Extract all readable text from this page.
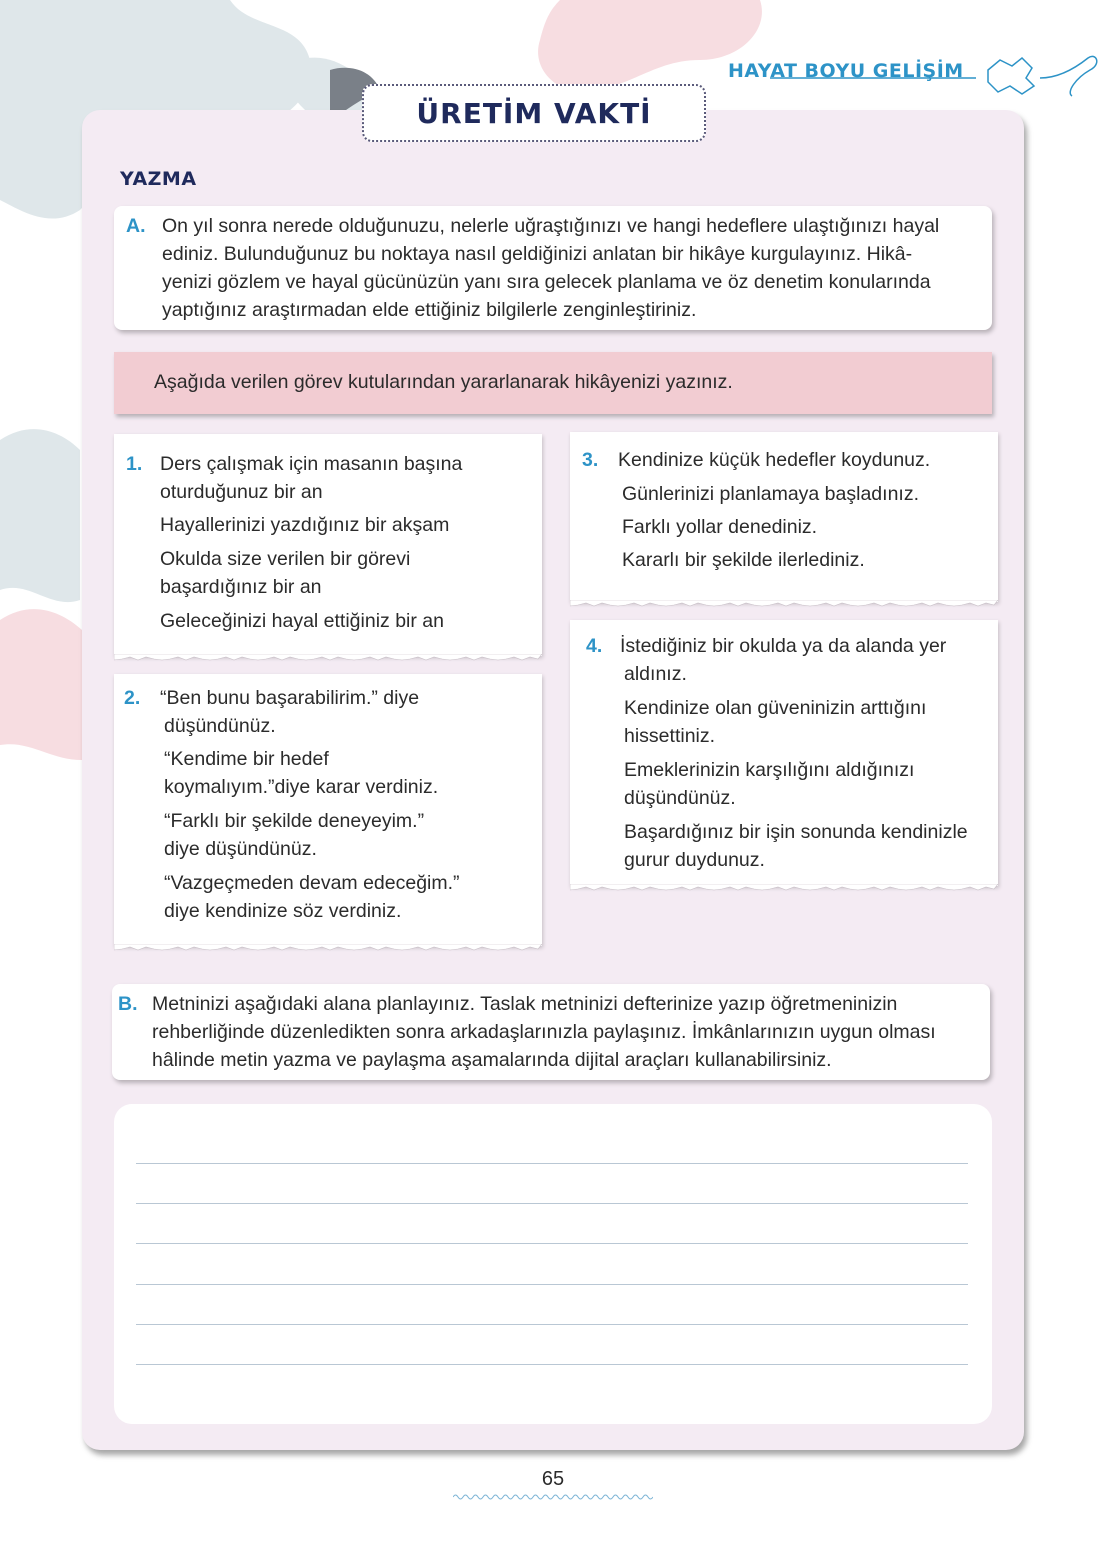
HAYAT BOYU GELİŞİM
ÜRETİM VAKTİ
YAZMA
A. On yıl sonra nerede olduğunuzu, nelerle uğraştığınızı ve hangi hedeflere ulaştığınızı hayal
ediniz. Bulunduğunuz bu noktaya nasıl geldiğinizi anlatan bir hikâye kurgulayınız. Hikâ-
yenizi gözlem ve hayal gücünüzün yanı sıra gelecek planlama ve öz denetim konularında
yaptığınız araştırmadan elde ettiğiniz bilgilerle zenginleştiriniz.
Aşağıda verilen görev kutularından yararlanarak hikâyenizi yazınız.
1. Ders çalışmak için masanın başına
oturduğunuz bir an
Hayallerinizi yazdığınız bir akşam
Okulda size verilen bir görevi
başardığınız bir an
Geleceğinizi hayal ettiğiniz bir an
2. “Ben bunu başarabilirim.” diye
düşündünüz.
“Kendime bir hedef
koymalıyım.”diye karar verdiniz.
“Farklı bir şekilde deneyeyim.”
diye düşündünüz.
“Vazgeçmeden devam edeceğim.”
diye kendinize söz verdiniz.
3. Kendinize küçük hedefler koydunuz.
Günlerinizi planlamaya başladınız.
Farklı yollar denediniz.
Kararlı bir şekilde ilerlediniz.
4. İstediğiniz bir okulda ya da alanda yer
aldınız.
Kendinize olan güveninizin arttığını
hissettiniz.
Emeklerinizin karşılığını aldığınızı
düşündünüz.
Başardığınız bir işin sonunda kendinizle
gurur duydunuz.
B. Metninizi aşağıdaki alana planlayınız. Taslak metninizi defterinize yazıp öğretmeninizin
rehberliğinde düzenledikten sonra arkadaşlarınızla paylaşınız. İmkânlarınızın uygun olması
hâlinde metin yazma ve paylaşma aşamalarında dijital araçları kullanabilirsiniz.
65
